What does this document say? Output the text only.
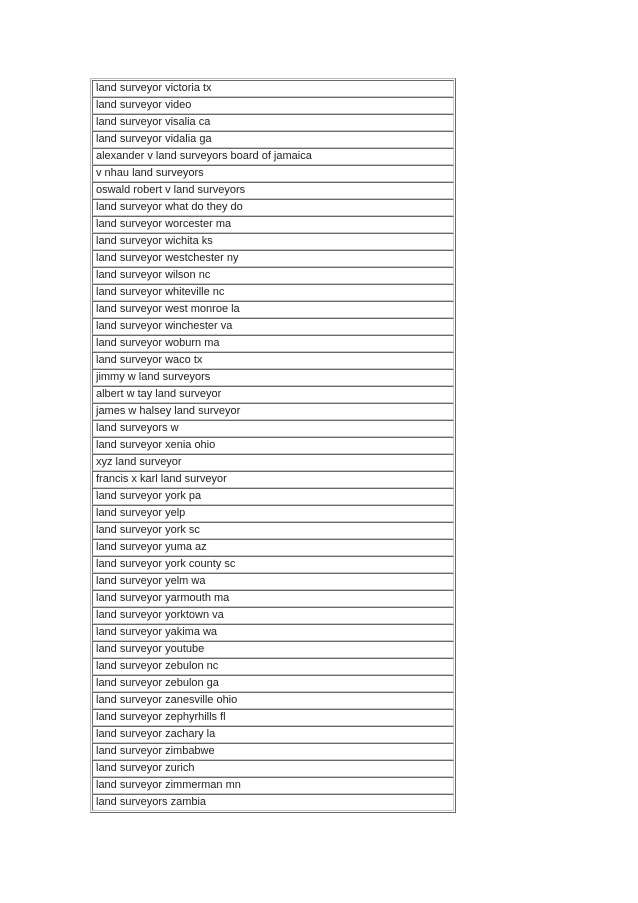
land surveyor victoria tx
land surveyor video
land surveyor visalia ca
land surveyor vidalia ga
alexander v land surveyors board of jamaica
v nhau land surveyors
oswald robert v land surveyors
land surveyor what do they do
land surveyor worcester ma
land surveyor wichita ks
land surveyor westchester ny
land surveyor wilson nc
land surveyor whiteville nc
land surveyor west monroe la
land surveyor winchester va
land surveyor woburn ma
land surveyor waco tx
jimmy w land surveyors
albert w tay land surveyor
james w halsey land surveyor
land surveyors w
land surveyor xenia ohio
xyz land surveyor
francis x karl land surveyor
land surveyor york pa
land surveyor yelp
land surveyor york sc
land surveyor yuma az
land surveyor york county sc
land surveyor yelm wa
land surveyor yarmouth ma
land surveyor yorktown va
land surveyor yakima wa
land surveyor youtube
land surveyor zebulon nc
land surveyor zebulon ga
land surveyor zanesville ohio
land surveyor zephyrhills fl
land surveyor zachary la
land surveyor zimbabwe
land surveyor zurich
land surveyor zimmerman mn
land surveyors zambia
